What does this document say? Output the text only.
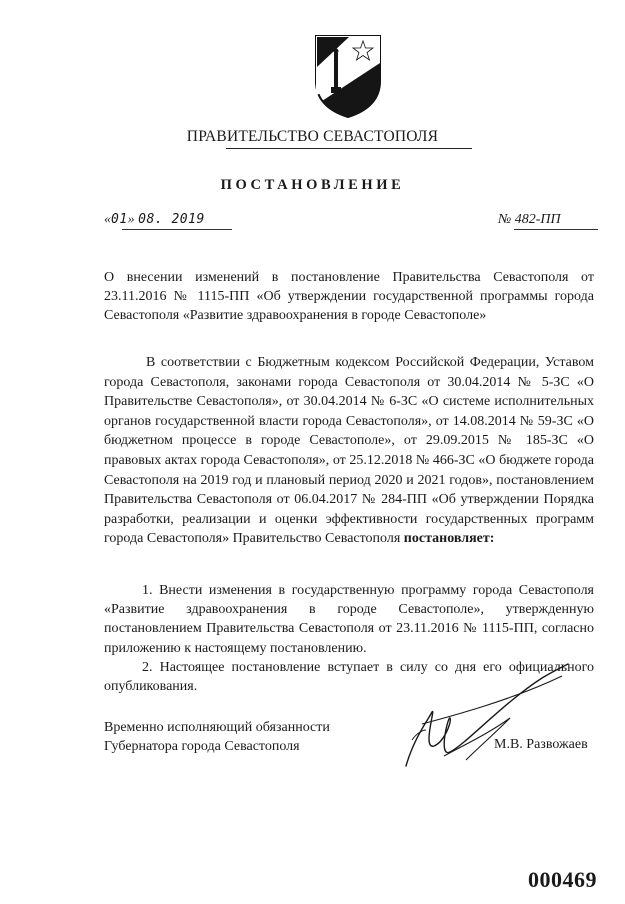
ПРАВИТЕЛЬСТВО СЕВАСТОПОЛЯ
ПОСТАНОВЛЕНИЕ
«01» 08. 2019	№ 482-ПП
О внесении изменений в постановление Правительства Севастополя от 23.11.2016 № 1115-ПП «Об утверждении государственной программы города Севастополя «Развитие здравоохранения в городе Севастополе»
В соответствии с Бюджетным кодексом Российской Федерации, Уставом города Севастополя, законами города Севастополя от 30.04.2014 № 5-ЗС «О Правительстве Севастополя», от 30.04.2014 № 6-ЗС «О системе исполнительных органов государственной власти города Севастополя», от 14.08.2014 № 59-ЗС «О бюджетном процессе в городе Севастополе», от 29.09.2015 № 185-ЗС «О правовых актах города Севастополя», от 25.12.2018 № 466-ЗС «О бюджете города Севастополя на 2019 год и плановый период 2020 и 2021 годов», постановлением Правительства Севастополя от 06.04.2017 № 284-ПП «Об утверждении Порядка разработки, реализации и оценки эффективности государственных программ города Севастополя» Правительство Севастополя постановляет:

1. Внести изменения в государственную программу города Севастополя «Развитие здравоохранения в городе Севастополе», утвержденную постановлением Правительства Севастополя от 23.11.2016 № 1115-ПП, согласно приложению к настоящему постановлению.

2. Настоящее постановление вступает в силу со дня его официального опубликования.

Временно исполняющий обязанности
Губернатора города Севастополя	М.В. Развожаев
000469
